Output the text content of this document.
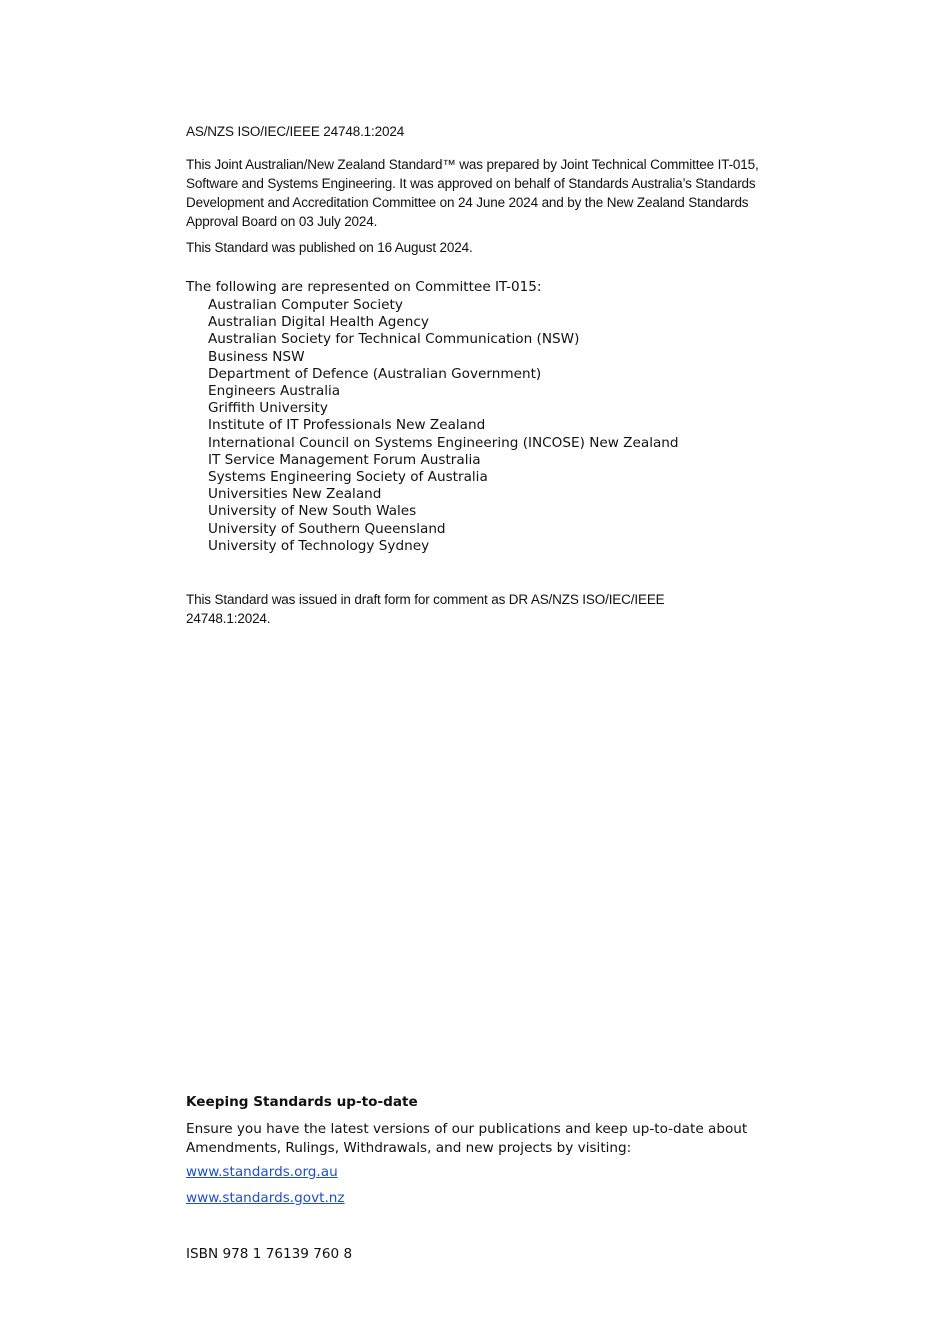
AS/NZS ISO/IEC/IEEE 24748.1:2024

This Joint Australian/New Zealand Standard™ was prepared by Joint Technical Committee IT-015, Software and Systems Engineering. It was approved on behalf of Standards Australia’s Standards Development and Accreditation Committee on 24 June 2024 and by the New Zealand Standards Approval Board on 03 July 2024.

This Standard was published on 16 August 2024.

The following are represented on Committee IT-015:
Australian Computer Society
Australian Digital Health Agency
Australian Society for Technical Communication (NSW)
Business NSW
Department of Defence (Australian Government)
Engineers Australia
Griffith University
Institute of IT Professionals New Zealand
International Council on Systems Engineering (INCOSE) New Zealand
IT Service Management Forum Australia
Systems Engineering Society of Australia
Universities New Zealand
University of New South Wales
University of Southern Queensland
University of Technology Sydney

This Standard was issued in draft form for comment as DR AS/NZS ISO/IEC/IEEE 24748.1:2024.

Keeping Standards up-to-date

Ensure you have the latest versions of our publications and keep up-to-date about Amendments, Rulings, Withdrawals, and new projects by visiting:

www.standards.org.au
www.standards.govt.nz

ISBN 978 1 76139 760 8
